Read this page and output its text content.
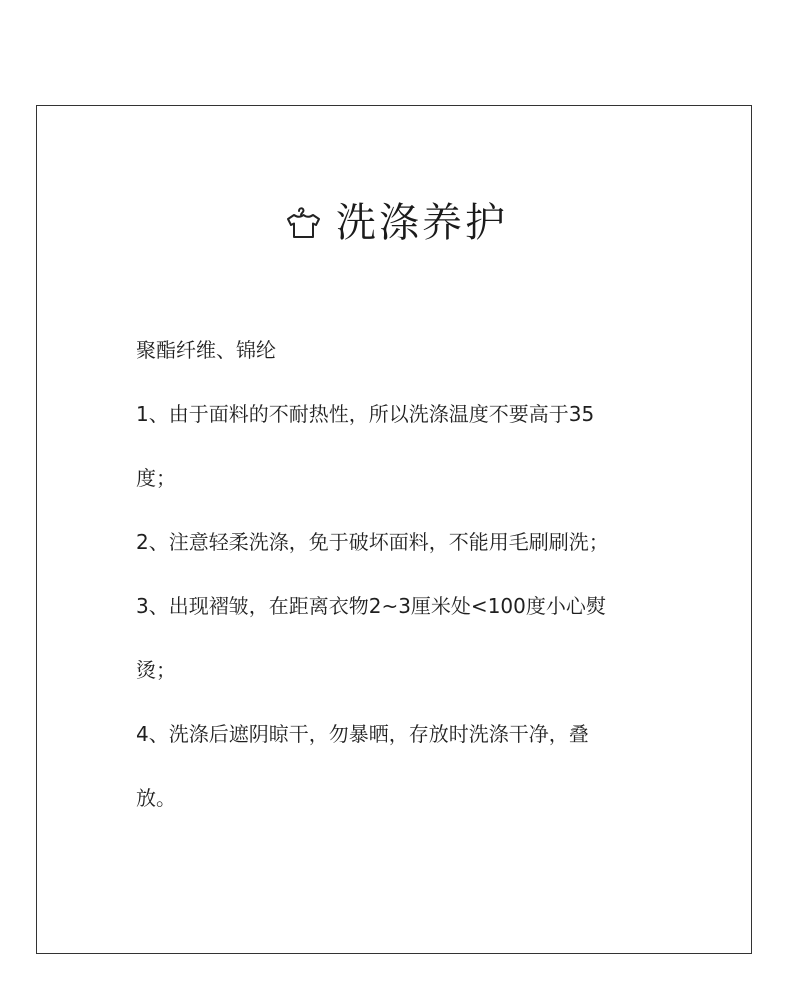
洗涤养护
聚酯纤维、锦纶
1、由于面料的不耐热性，所以洗涤温度不要高于35
度；
2、注意轻柔洗涤，免于破坏面料，不能用毛刷刷洗；
3、出现褶皱，在距离衣物2~3厘米处<100度小心熨
烫；
4、洗涤后遮阴晾干，勿暴晒，存放时洗涤干净，叠
放。
